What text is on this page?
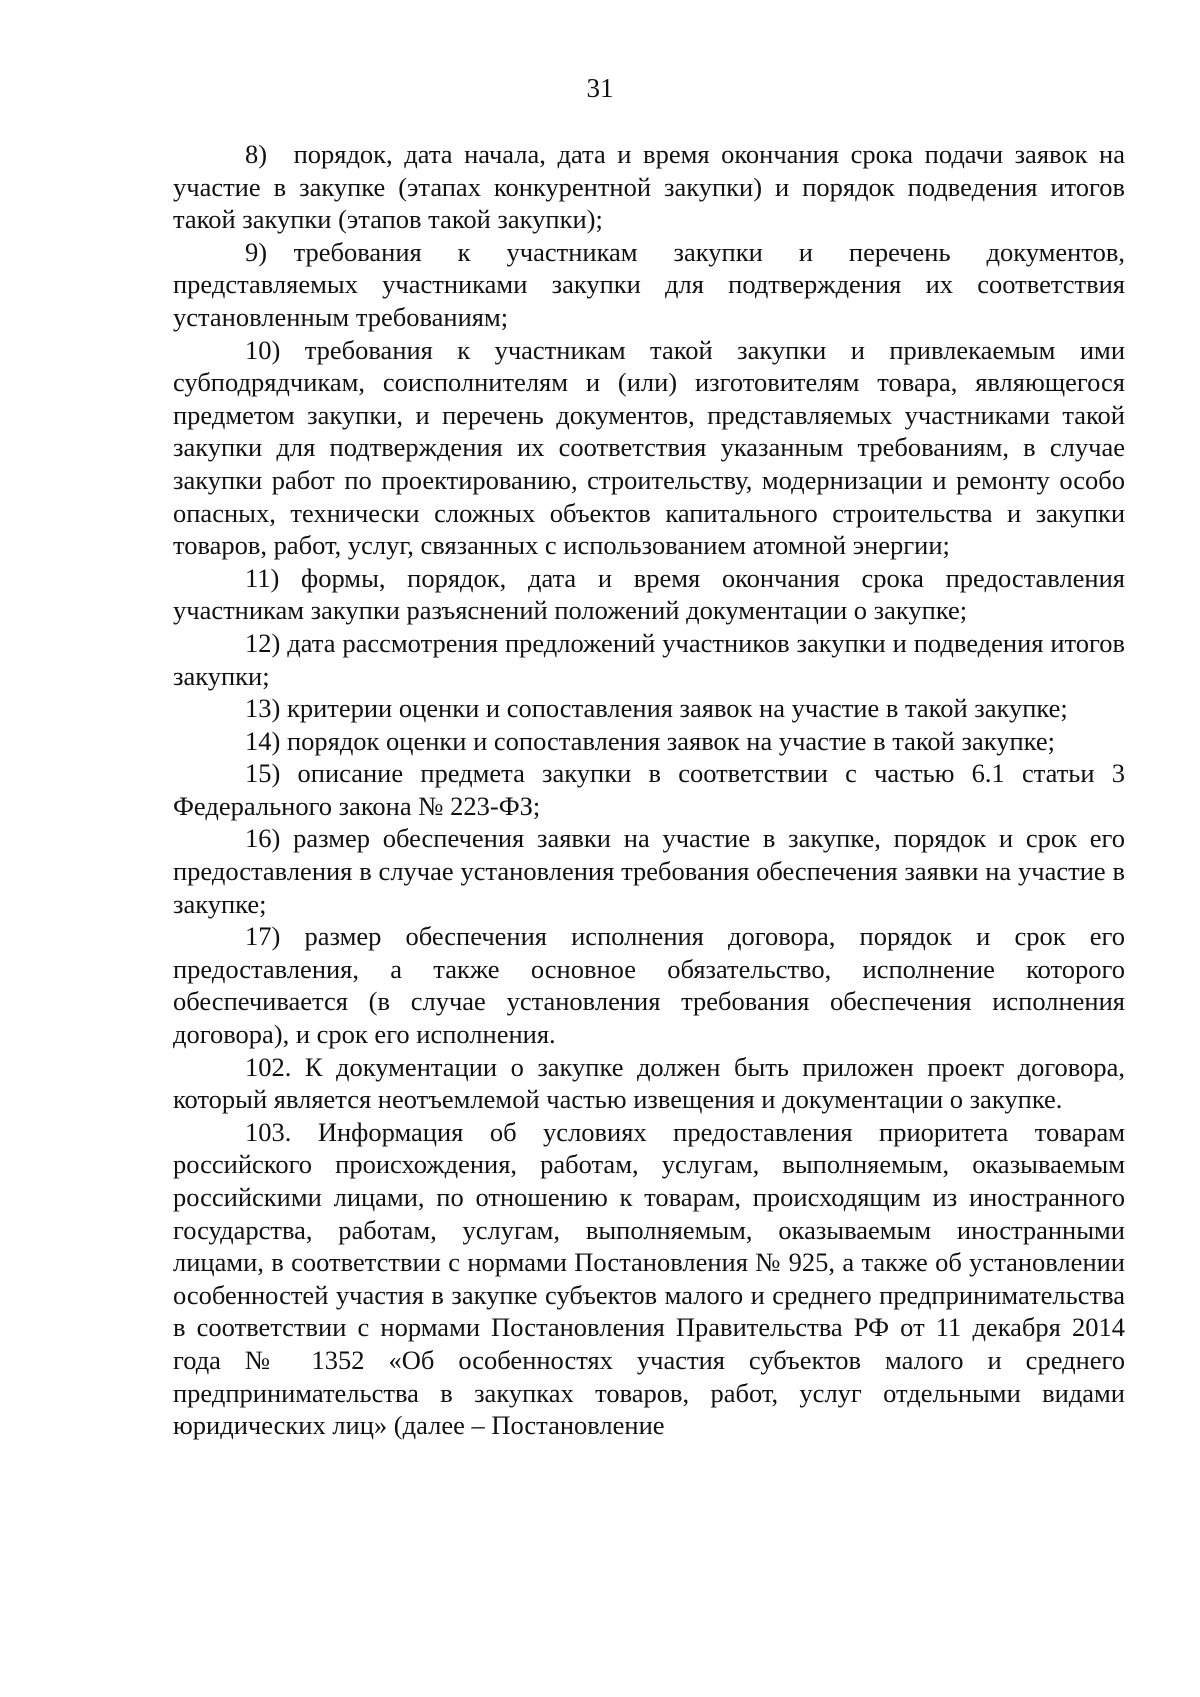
31

8) порядок, дата начала, дата и время окончания срока подачи заявок на участие в закупке (этапах конкурентной закупки) и порядок подведения итогов такой закупки (этапов такой закупки);

9) требования к участникам закупки и перечень документов, представляемых участниками закупки для подтверждения их соответствия установленным требованиям;

10) требования к участникам такой закупки и привлекаемым ими субподрядчикам, соисполнителям и (или) изготовителям товара, являющегося предметом закупки, и перечень документов, представляемых участниками такой закупки для подтверждения их соответствия указанным требованиям, в случае закупки работ по проектированию, строительству, модернизации и ремонту особо опасных, технически сложных объектов капитального строительства и закупки товаров, работ, услуг, связанных с использованием атомной энергии;

11) формы, порядок, дата и время окончания срока предоставления участникам закупки разъяснений положений документации о закупке;

12) дата рассмотрения предложений участников закупки и подведения итогов закупки;

13) критерии оценки и сопоставления заявок на участие в такой закупке;

14) порядок оценки и сопоставления заявок на участие в такой закупке;

15) описание предмета закупки в соответствии с частью 6.1 статьи 3 Федерального закона № 223-ФЗ;

16) размер обеспечения заявки на участие в закупке, порядок и срок его предоставления в случае установления требования обеспечения заявки на участие в закупке;

17) размер обеспечения исполнения договора, порядок и срок его предоставления, а также основное обязательство, исполнение которого обеспечивается (в случае установления требования обеспечения исполнения договора), и срок его исполнения.

102. К документации о закупке должен быть приложен проект договора, который является неотъемлемой частью извещения и документации о закупке.

103. Информация об условиях предоставления приоритета товарам российского происхождения, работам, услугам, выполняемым, оказываемым российскими лицами, по отношению к товарам, происходящим из иностранного государства, работам, услугам, выполняемым, оказываемым иностранными лицами, в соответствии с нормами Постановления № 925, а также об установлении особенностей участия в закупке субъектов малого и среднего предпринимательства в соответствии с нормами Постановления Правительства РФ от 11 декабря 2014 года № 1352 «Об особенностях участия субъектов малого и среднего предпринимательства в закупках товаров, работ, услуг отдельными видами юридических лиц» (далее – Постановление
